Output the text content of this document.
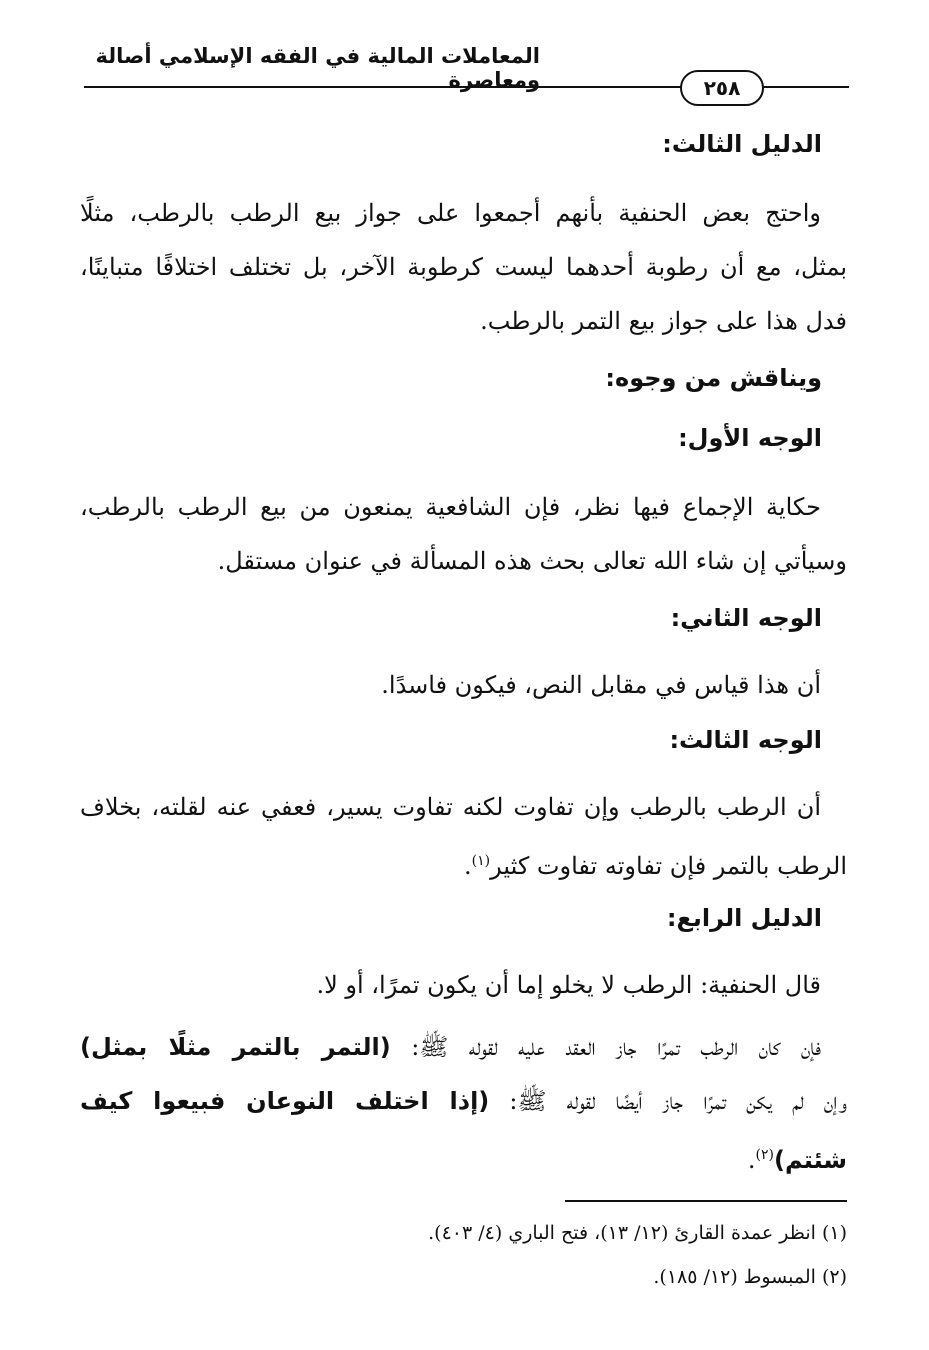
المعاملات المالية في الفقه الإسلامي أصالة ومعاصرة	٢٥٨
الدليل الثالث:
واحتج بعض الحنفية بأنهم أجمعوا على جواز بيع الرطب بالرطب، مثلًا
بمثل، مع أن رطوبة أحدهما ليست كرطوبة الآخر، بل تختلف اختلافًا متباينًا،
فدل هذا على جواز بيع التمر بالرطب.
ويناقش من وجوه:
الوجه الأول:
حكاية الإجماع فيها نظر، فإن الشافعية يمنعون من بيع الرطب بالرطب،
وسيأتي إن شاء الله تعالى بحث هذه المسألة في عنوان مستقل.
الوجه الثاني:
أن هذا قياس في مقابل النص، فيكون فاسدًا.
الوجه الثالث:
أن الرطب بالرطب وإن تفاوت لكنه تفاوت يسير، فعفي عنه لقلته، بخلاف
الرطب بالتمر فإن تفاوته تفاوت كثير$^{(١)}$.
الدليل الرابع:
قال الحنفية: الرطب لا يخلو إما أن يكون تمرًا، أو لا.
فإن كان الرطب تمرًا جاز العقد عليه لقوله ﷺ: (التمر بالتمر مثلًا بمثل)
وإن لم يكن تمرًا جاز أيضًا لقوله ﷺ: (إذا اختلف النوعان فبيعوا كيف
شئتم)$^{(٢)}$.
(١) انظر عمدة القارئ (١٢/ ١٣)، فتح الباري (٤/ ٤٠٣).
(٢) المبسوط (١٢/ ١٨٥).
